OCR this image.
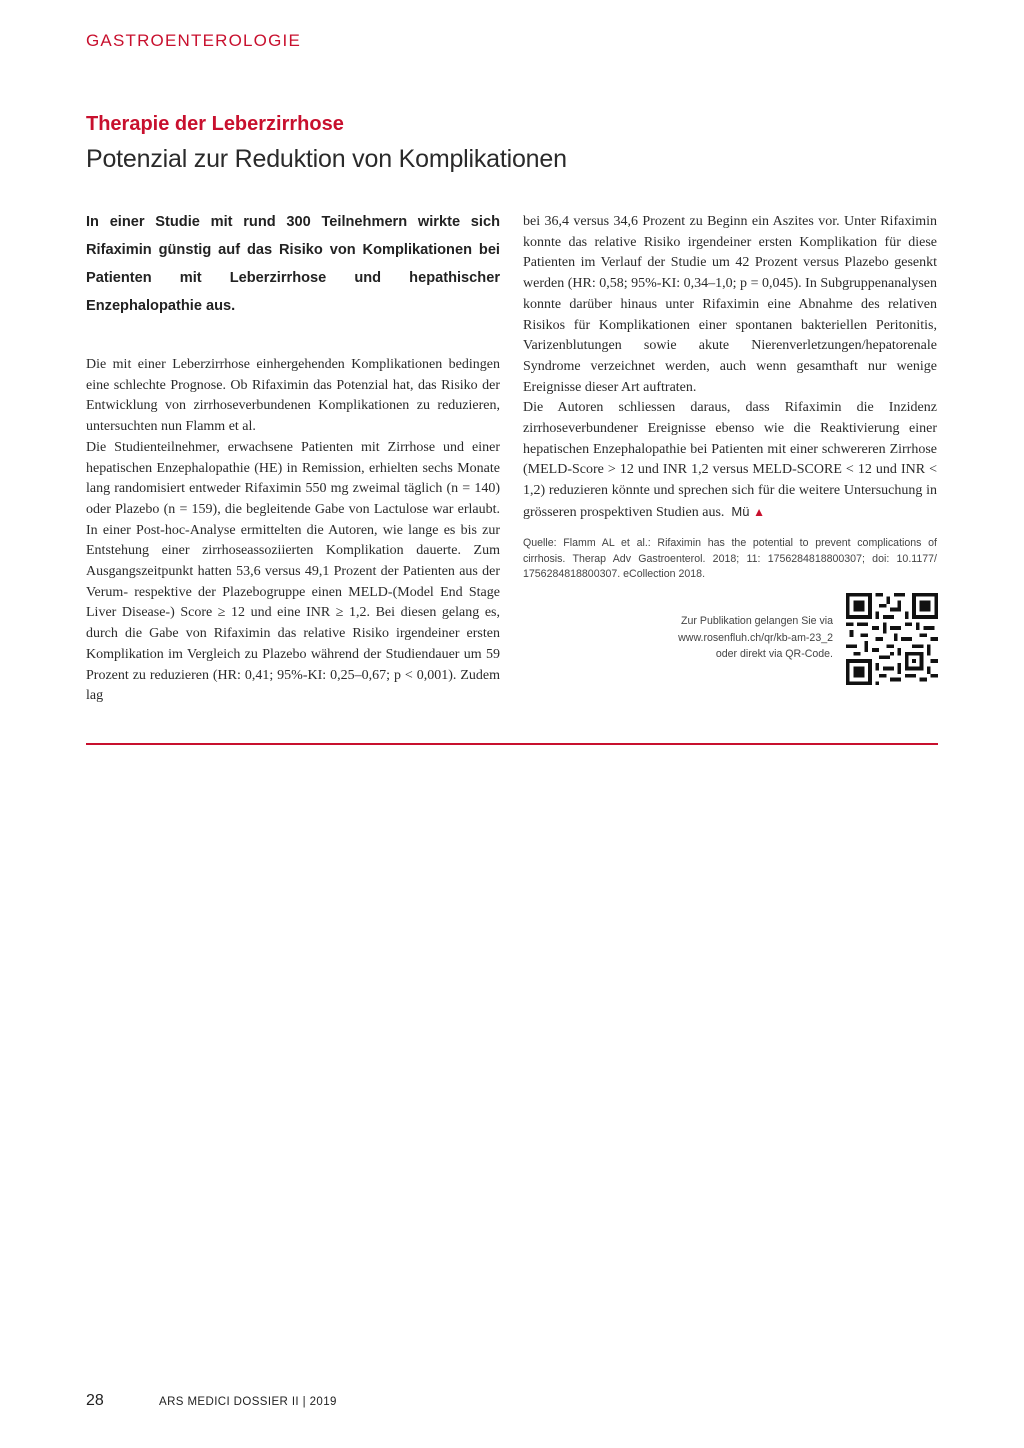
GASTROENTEROLOGIE
Therapie der Leberzirrhose
Potenzial zur Reduktion von Komplikationen
In einer Studie mit rund 300 Teilnehmern wirkte sich Rifaximin günstig auf das Risiko von Komplikationen bei Patienten mit Leberzirrhose und hepathischer Enzephalopathie aus.

Die mit einer Leberzirrhose einhergehenden Komplikationen bedingen eine schlechte Prognose. Ob Rifaximin das Potenzial hat, das Risiko der Entwicklung von zirrhoseverbundenen Komplikationen zu reduzieren, untersuchten nun Flamm et al.

Die Studienteilnehmer, erwachsene Patienten mit Zirrhose und einer hepatischen Enzephalopathie (HE) in Remission, erhielten sechs Monate lang randomisiert entweder Rifaximin 550 mg zweimal täglich (n = 140) oder Plazebo (n = 159), die begleitende Gabe von Lactulose war erlaubt. In einer Post-hoc-Analyse ermittelten die Autoren, wie lange es bis zur Entstehung einer zirrhoseassoziierten Komplikation dauerte. Zum Ausgangszeitpunkt hatten 53,6 versus 49,1 Prozent der Patienten aus der Verum- respektive der Plazebogruppe einen MELD-(Model End Stage Liver Disease-) Score ≥ 12 und eine INR ≥ 1,2. Bei diesen gelang es, durch die Gabe von Rifaximin das relative Risiko irgendeiner ersten Komplikation im Vergleich zu Plazebo während der Studiendauer um 59 Prozent zu reduzieren (HR: 0,41; 95%-KI: 0,25–0,67; p < 0,001). Zudem lag

bei 36,4 versus 34,6 Prozent zu Beginn ein Aszites vor. Unter Rifaximin konnte das relative Risiko irgendeiner ersten Komplikation für diese Patienten im Verlauf der Studie um 42 Prozent versus Plazebo gesenkt werden (HR: 0,58; 95%-KI: 0,34–1,0; p = 0,045). In Subgruppenanalysen konnte darüber hinaus unter Rifaximin eine Abnahme des relativen Risikos für Komplikationen einer spontanen bakteriellen Peritonitis, Varizenblutungen sowie akute Nierenverletzungen/hepatorenale Syndrome verzeichnet werden, auch wenn gesamthaft nur wenige Ereignisse dieser Art auftraten.

Die Autoren schliessen daraus, dass Rifaximin die Inzidenz zirrhoseverbundener Ereignisse ebenso wie die Reaktivierung einer hepatischen Enzephalopathie bei Patienten mit einer schwereren Zirrhose (MELD-Score > 12 und INR 1,2 versus MELD-SCORE < 12 und INR < 1,2) reduzieren könnte und sprechen sich für die weitere Untersuchung in grösseren prospektiven Studien aus. Mü ▲

Quelle: Flamm AL et al.: Rifaximin has the potential to prevent complications of cirrhosis. Therap Adv Gastroenterol. 2018; 11: 1756284818800307; doi: 10.1177/ 1756284818800307. eCollection 2018.
Zur Publikation gelangen Sie via
www.rosenfluh.ch/qr/kb-am-23_2
oder direkt via QR-Code.
28	ARS MEDICI DOSSIER II | 2019
